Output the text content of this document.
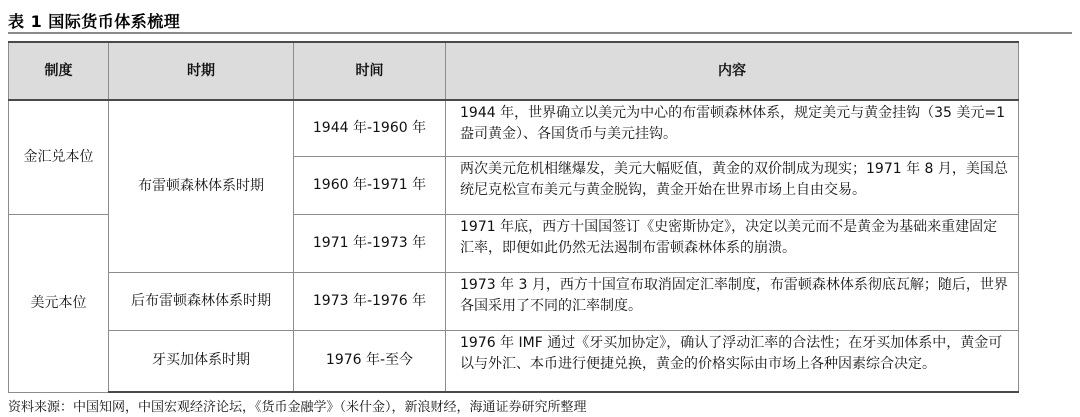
表 1 国际货币体系梳理
制度	时期	时间	内容
金汇兑本位	布雷顿森林体系时期	1944 年-1960 年	1944 年，世界确立以美元为中心的布雷顿森林体系，规定美元与黄金挂钩（35 美元=1 盎司黄金）、各国货币与美元挂钩。
		1960 年-1971 年	两次美元危机相继爆发，美元大幅贬值，黄金的双价制成为现实；1971 年 8 月，美国总统尼克松宣布美元与黄金脱钩，黄金开始在世界市场上自由交易。
美元本位		1971 年-1973 年	1971 年底，西方十国国签订《史密斯协定》，决定以美元而不是黄金为基础来重建固定汇率，即便如此仍然无法遏制布雷顿森林体系的崩溃。
	后布雷顿森林体系时期	1973 年-1976 年	1973 年 3 月，西方十国宣布取消固定汇率制度，布雷顿森林体系彻底瓦解；随后，世界各国采用了不同的汇率制度。
	牙买加体系时期	1976 年-至今	1976 年 IMF 通过《牙买加协定》，确认了浮动汇率的合法性；在牙买加体系中，黄金可以与外汇、本币进行便捷兑换，黄金的价格实际由市场上各种因素综合决定。
资料来源：中国知网，中国宏观经济论坛，《货币金融学》（米什金），新浪财经，海通证券研究所整理
